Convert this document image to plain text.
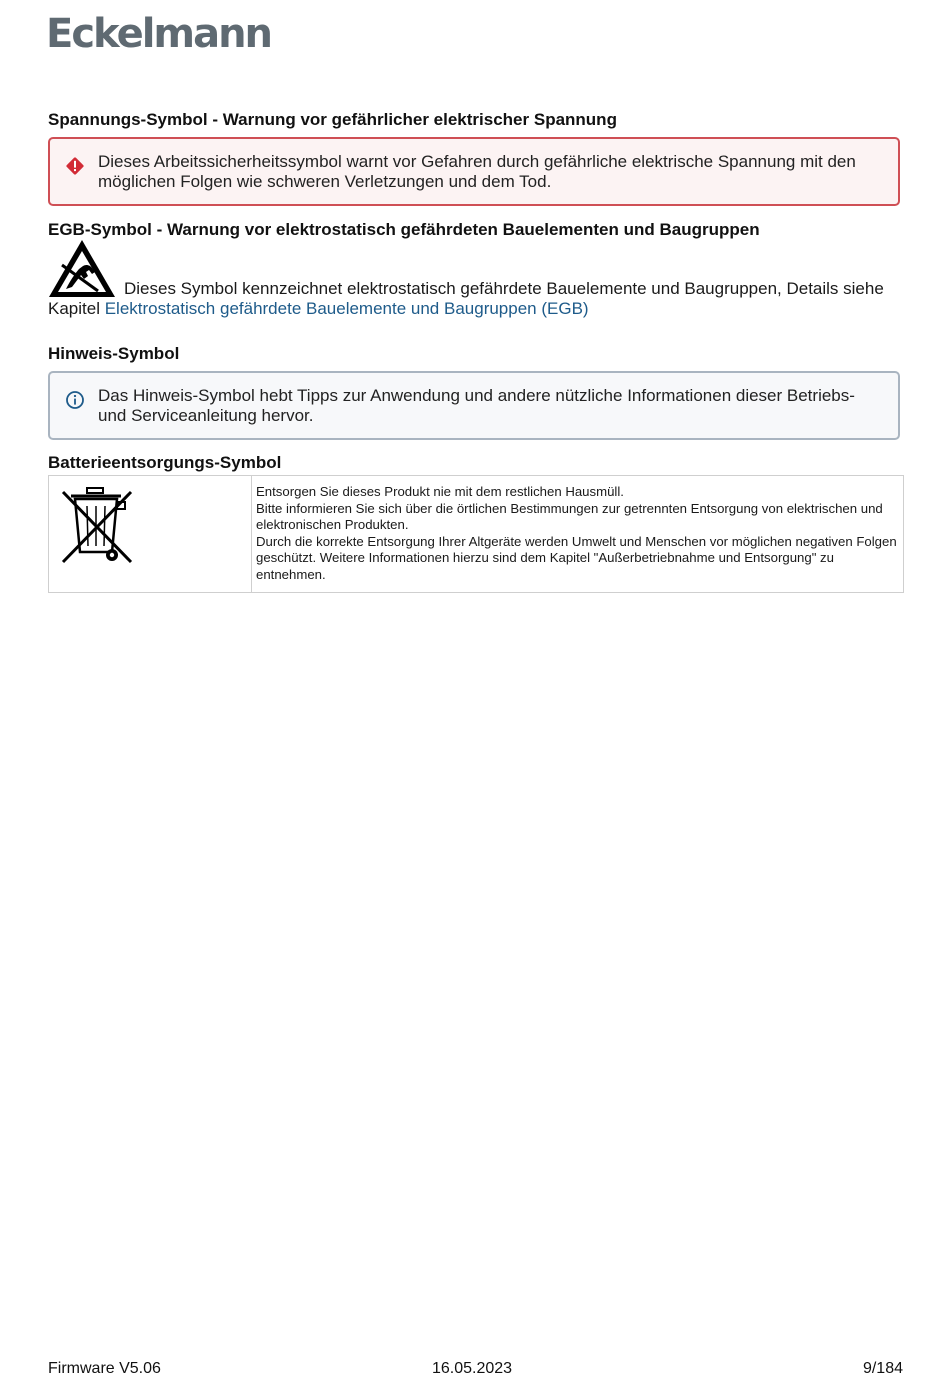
Eckelmann
Spannungs-Symbol - Warnung vor gefährlicher elektrischer Spannung
Dieses Arbeitssicherheitssymbol warnt vor Gefahren durch gefährliche elektrische Spannung mit den möglichen Folgen wie schweren Verletzungen und dem Tod.
EGB-Symbol - Warnung vor elektrostatisch gefährdeten Bauelementen und Baugruppen
Dieses Symbol kennzeichnet elektrostatisch gefährdete Bauelemente und Baugruppen, Details siehe Kapitel Elektrostatisch gefährdete Bauelemente und Baugruppen (EGB)
Hinweis-Symbol
Das Hinweis-Symbol hebt Tipps zur Anwendung und andere nützliche Informationen dieser Betriebs- und Serviceanleitung hervor.
Batterieentsorgungs-Symbol

Entsorgen Sie dieses Produkt nie mit dem restlichen Hausmüll.
Bitte informieren Sie sich über die örtlichen Bestimmungen zur getrennten Entsorgung von elektrischen und elektronischen Produkten.
Durch die korrekte Entsorgung Ihrer Altgeräte werden Umwelt und Menschen vor möglichen negativen Folgen geschützt. Weitere Informationen hierzu sind dem Kapitel "Außerbetriebnahme und Entsorgung" zu entnehmen.
Firmware V5.06	16.05.2023	9/184
